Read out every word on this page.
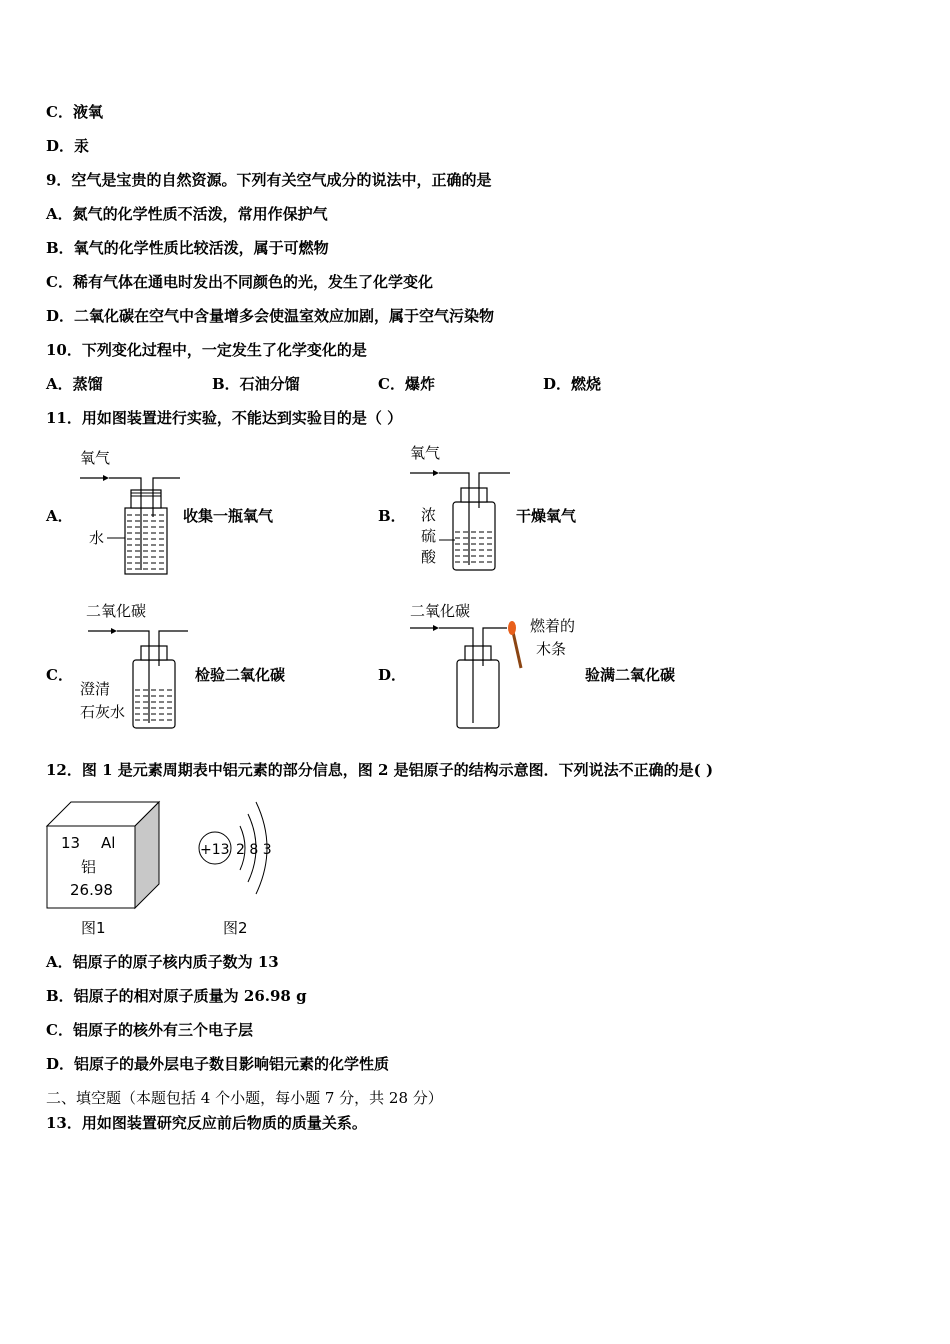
C．液氧
D．汞
9．空气是宝贵的自然资源。下列有关空气成分的说法中，正确的是
A．氮气的化学性质不活泼，常用作保护气
B．氧气的化学性质比较活泼，属于可燃物
C．稀有气体在通电时发出不同颜色的光，发生了化学变化
D．二氧化碳在空气中含量增多会使温室效应加剧，属于空气污染物
10．下列变化过程中，一定发生了化学变化的是
A．蒸馏	B．石油分馏	C．爆炸	D．燃烧
11．用如图装置进行实验，不能达到实验目的是（ ）
A．
氧气
水
收集一瓶氧气	B．
氧气
浓
硫
酸
干燥氧气
C．
二氧化碳
澄清
石灰水
检验二氧化碳	D．
二氧化碳
燃着的
木条
验满二氧化碳
12．图 1 是元素周期表中铝元素的部分信息，图 2 是铝原子的结构示意图．下列说法不正确的是( )
13 Al
铝
26.98
图1
+13 2 8 3
图2
A．铝原子的原子核内质子数为 13
B．铝原子的相对原子质量为 26.98 g
C．铝原子的核外有三个电子层
D．铝原子的最外层电子数目影响铝元素的化学性质
二、填空题（本题包括 4 个小题，每小题 7 分，共 28 分）
13．用如图装置研究反应前后物质的质量关系。
